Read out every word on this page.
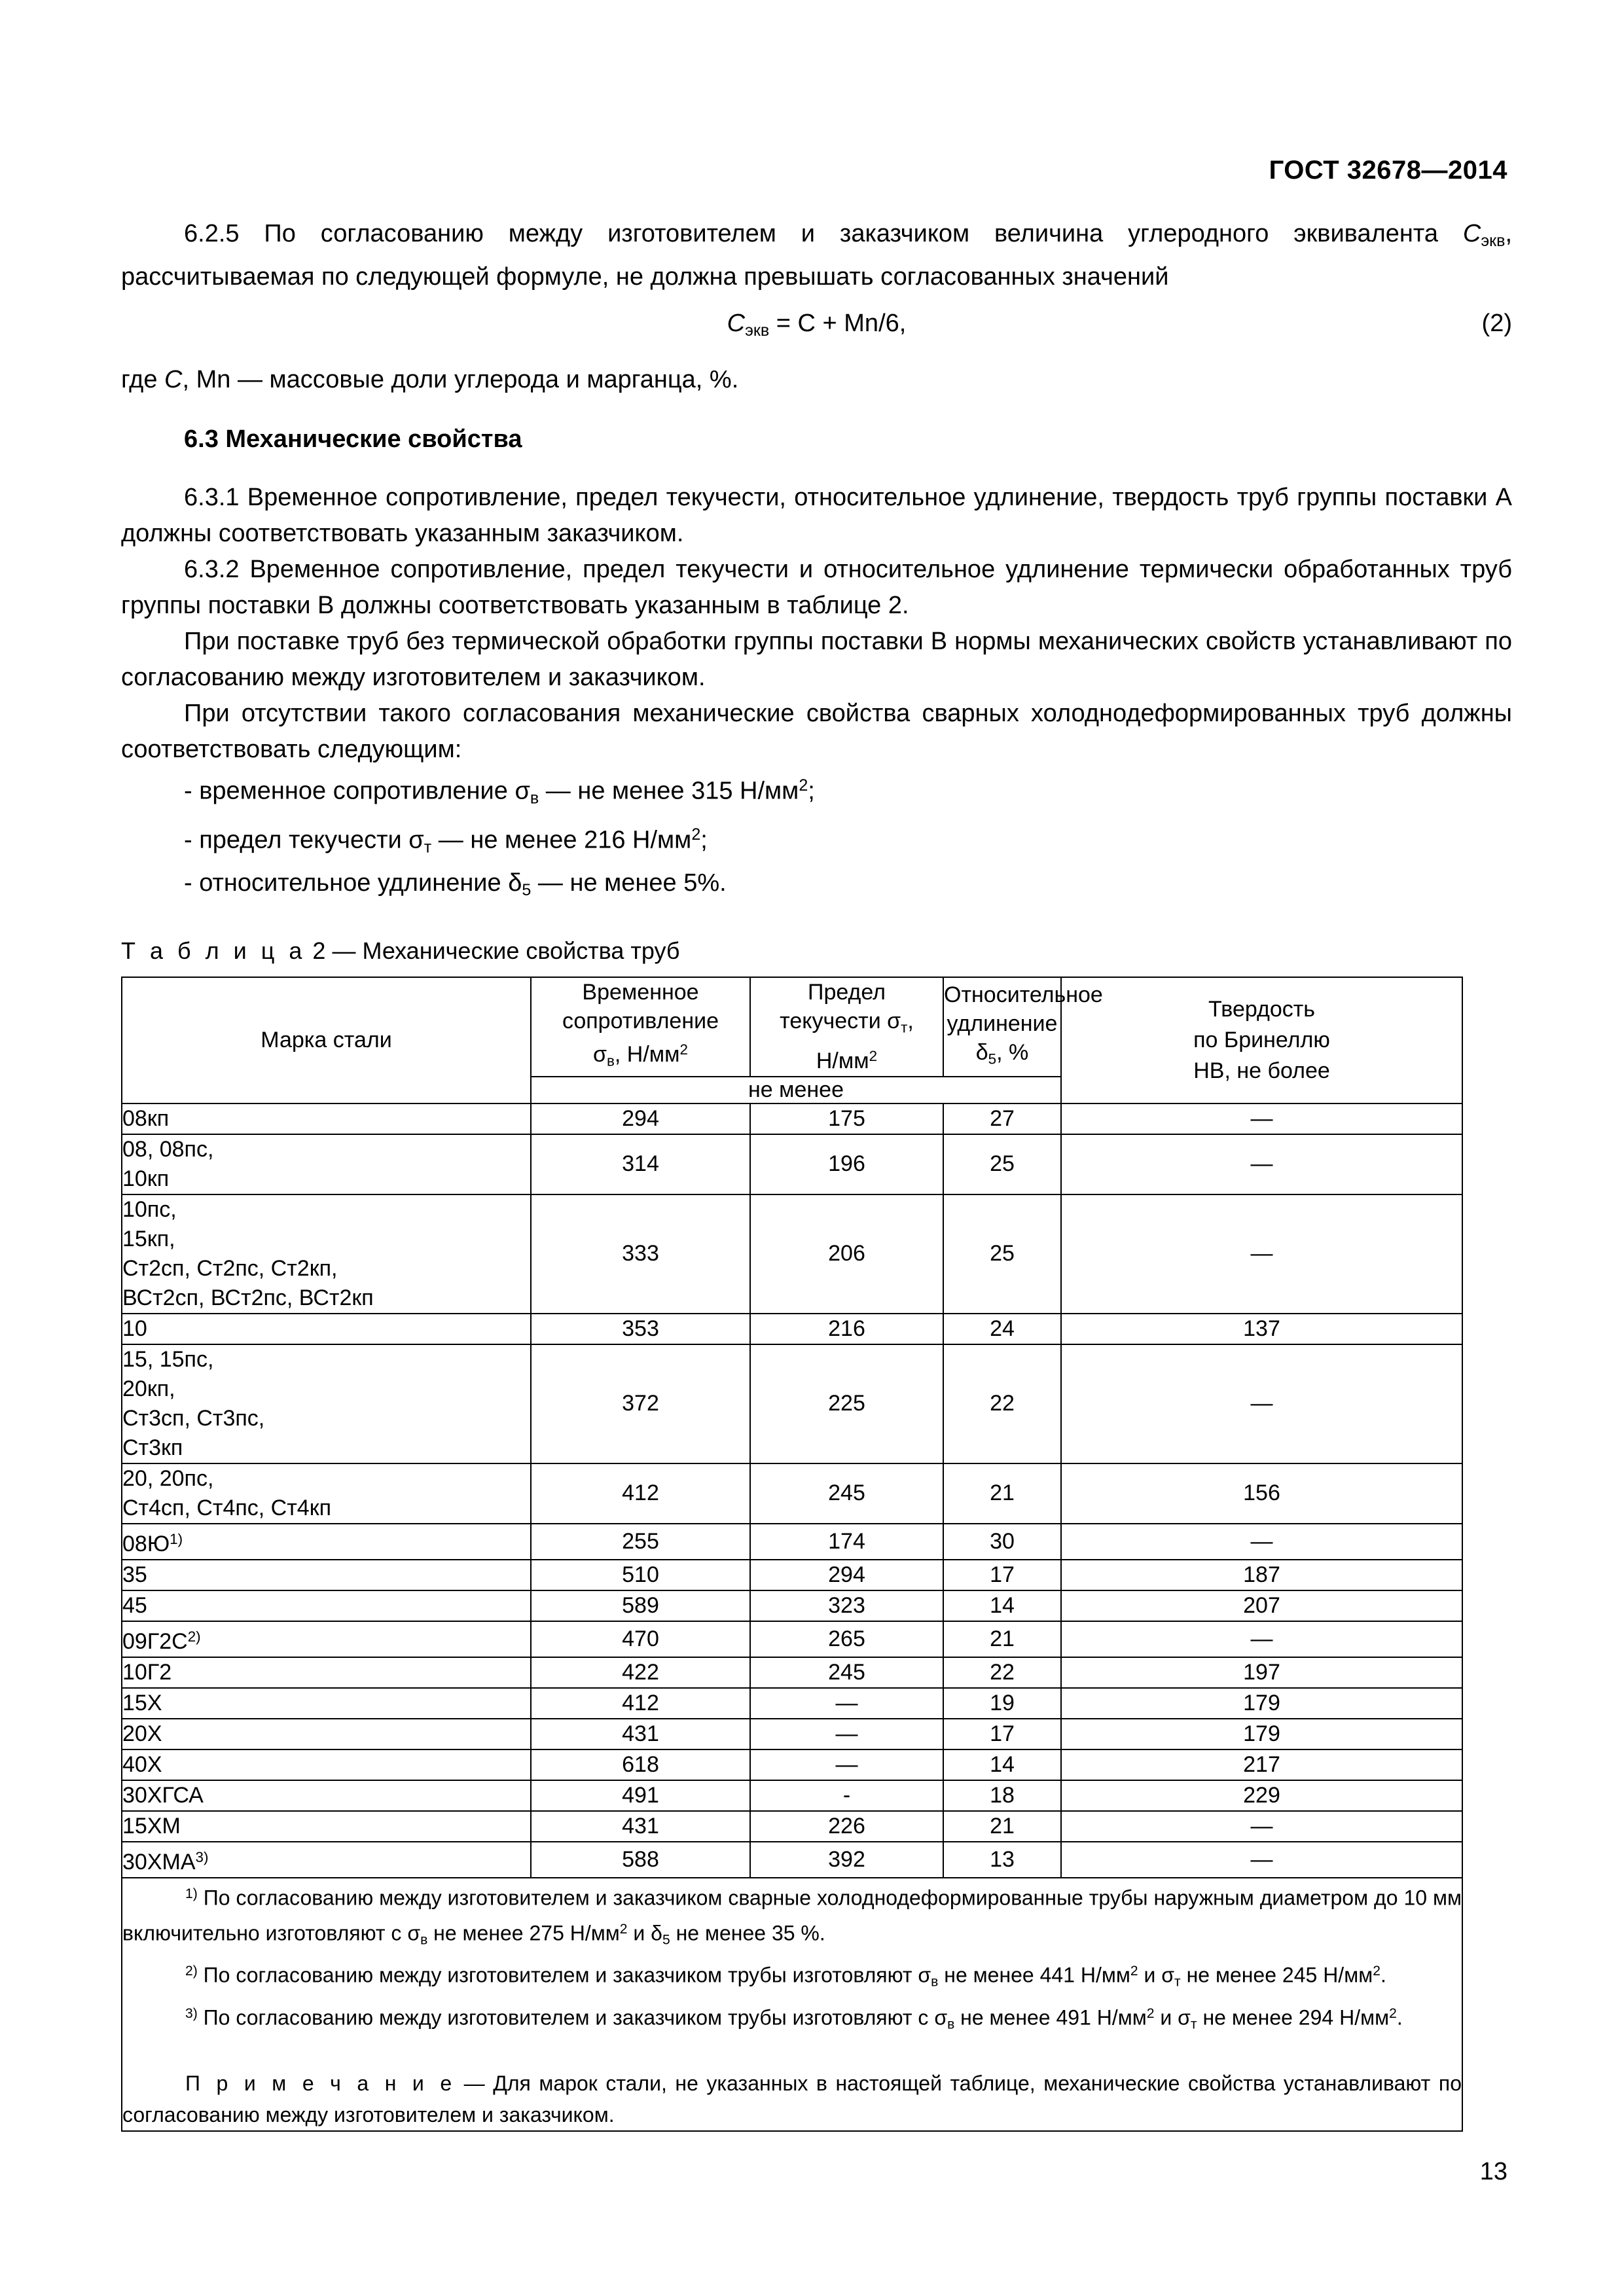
ГОСТ 32678—2014

6.2.5 По согласованию между изготовителем и заказчиком величина углеродного эквивалента $C_{экв}$, рассчитываемая по следующей формуле, не должна превышать согласованных значений

$C_{экв} = C + Mn/6$,	(2)

где C, Mn — массовые доли углерода и марганца, %.

6.3 Механические свойства

6.3.1 Временное сопротивление, предел текучести, относительное удлинение, твердость труб группы поставки А должны соответствовать указанным заказчиком.

6.3.2 Временное сопротивление, предел текучести и относительное удлинение термически обработанных труб группы поставки В должны соответствовать указанным в таблице 2.

При поставке труб без термической обработки группы поставки В нормы механических свойств устанавливают по согласованию между изготовителем и заказчиком.

При отсутствии такого согласования механические свойства сварных холоднодеформированных труб должны соответствовать следующим:

- временное сопротивление $\sigma_в$ — не менее 315 $Н/мм^2$;

- предел текучести $\sigma_т$ — не менее 216 $Н/мм^2$;

- относительное удлинение $\delta_5$ — не менее 5%.

Т а б л и ц а 2 — Механические свойства труб
Марка стали	Временное
сопротивление
$\sigma_в$, $Н/мм^2$	Предел
текучести $\sigma_т$,
$Н/мм^2$	Относительное
удлинение
$\delta_5$, %	Твердость
по Бринеллю
НВ, не более
	не менее			
08кп	294	175	27	—
08, 08пс,
10кп	314	196	25	—
10пс,
15кп,
Ст2сп, Ст2пс, Ст2кп,
ВСт2сп, ВСт2пс, ВСт2кп	333	206	25	—
10	353	216	24	137
15, 15пс,
20кп,
Ст3сп, Ст3пс,
Ст3кп	372	225	22	—
20, 20пс,
Ст4сп, Ст4пс, Ст4кп	412	245	21	156
$08Ю^{1)}$	255	174	30	—
35	510	294	17	187
45	589	323	14	207
$09Г2С^{2)}$	470	265	21	—
10Г2	422	245	22	197
15Х	412	—	19	179
20Х	431	—	17	179
40Х	618	—	14	217
30ХГСА	491	-	18	229
15ХМ	431	226	21	—
30ХМА$^{3)}$	588	392	13	—

$^{1)}$ По согласованию между изготовителем и заказчиком сварные холоднодеформированные трубы наружным диаметром до 10 мм включительно изготовляют с $\sigma_в$ не менее 275 $Н/мм^2$ и $\delta_5$ не менее 35 %.

$^{2)}$ По согласованию между изготовителем и заказчиком трубы изготовляют $\sigma_в$ не менее 441 $Н/мм^2$ и $\sigma_т$ не менее 245 $Н/мм^2$.

$^{3)}$ По согласованию между изготовителем и заказчиком трубы изготовляют с $\sigma_в$ не менее 491 $Н/мм^2$ и $\sigma_т$ не менее 294 $Н/мм^2$.

П р и м е ч а н и е — Для марок стали, не указанных в настоящей таблице, механические свойства устанавливают по согласованию между изготовителем и заказчиком.				

13
